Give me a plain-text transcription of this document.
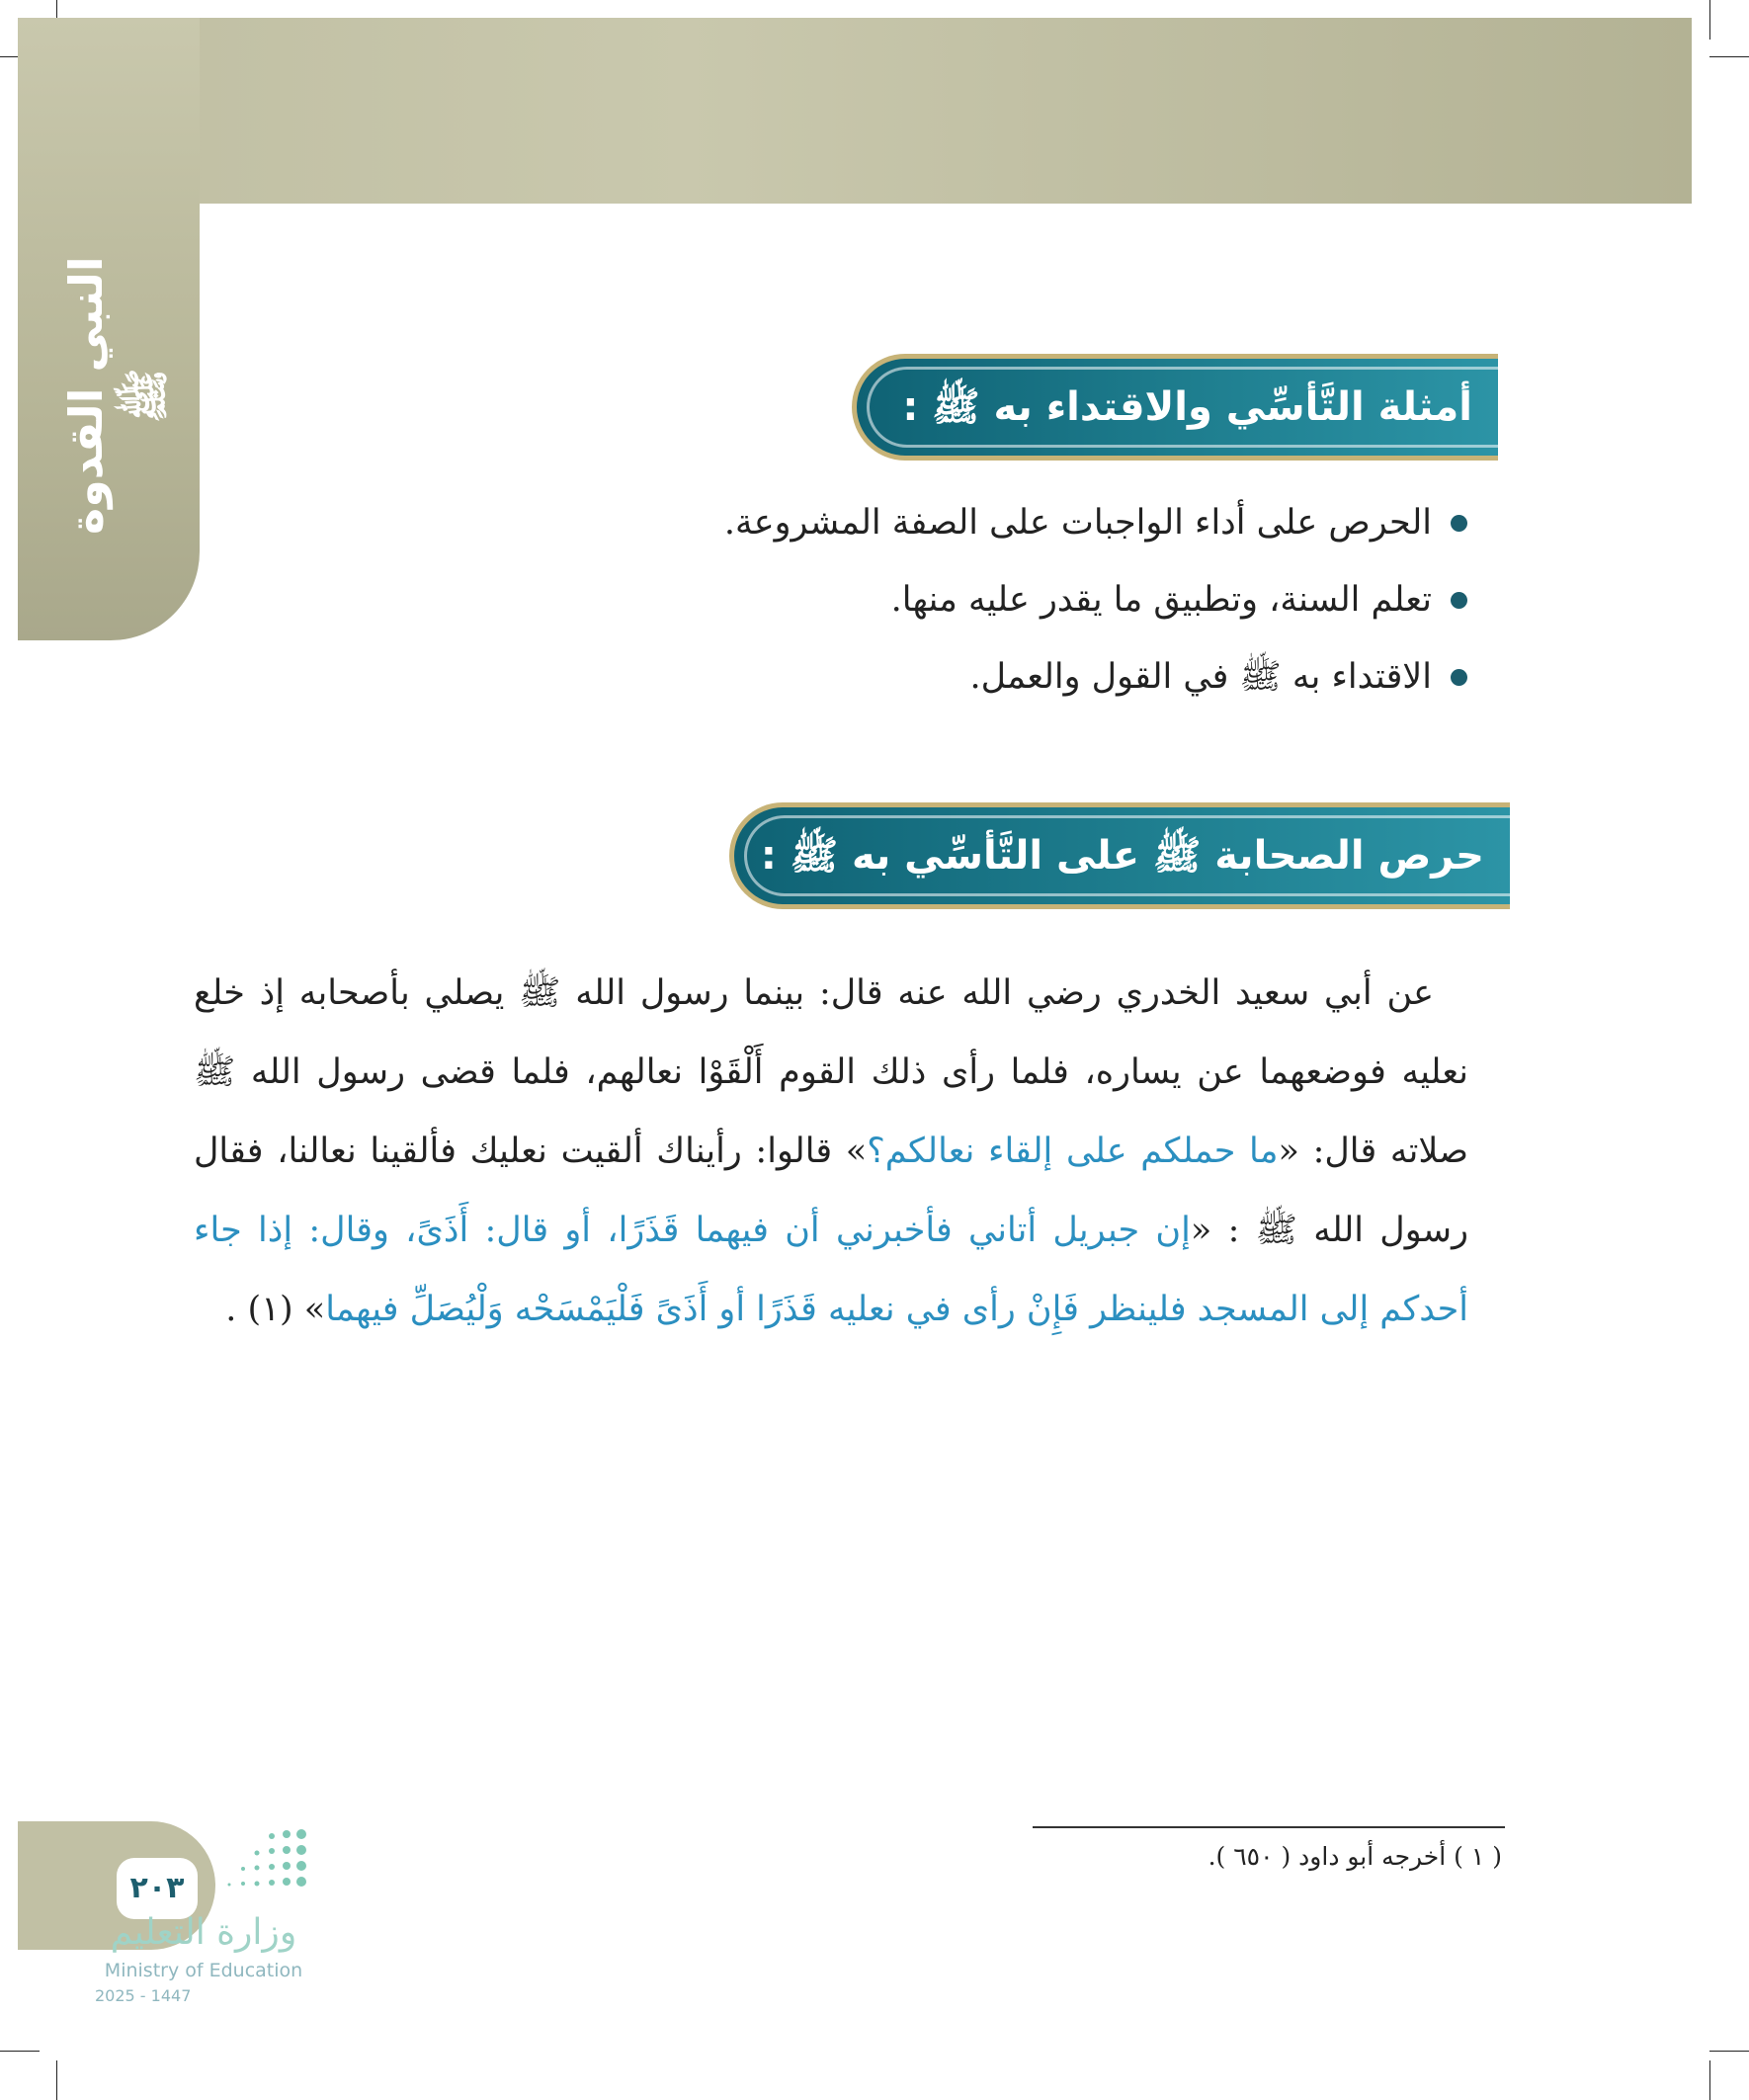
النبي القدوة ﷺ	أمثلة التَّأسِّي والاقتداء به ﷺ :
الحرص على أداء الواجبات على الصفة المشروعة.
تعلم السنة، وتطبيق ما يقدر عليه منها.
الاقتداء به ﷺ في القول والعمل.
حرص الصحابة ﷺ على التَّأسِّي به ﷺ :
 عن أبي سعيد الخدري رضي الله عنه قال: بينما رسول الله ﷺ يصلي بأصحابه إذ خلع نعليه فوضعهما عن يساره، فلما رأى ذلك القوم أَلْقَوْا نعالهم، فلما قضى رسول الله ﷺ صلاته قال: «ما حملكم على إلقاء نعالكم؟» قالوا: رأيناك ألقيت نعليك فألقينا نعالنا، فقال رسول الله ﷺ : «إن جبريل أتاني فأخبرني أن فيهما قَذَرًا، أو قال: أَذَىً، وقال: إذا جاء أحدكم إلى المسجد فلينظر فَإِنْ رأى في نعليه قَذَرًا أو أَذَىً فَلْيَمْسَحْه وَلْيُصَلِّ فيهما» (١) .
( ١ ) أخرجه أبو داود ( ٦٥٠ ).
٢٠٣
وزارة التعليم
Ministry of Education
2025 - 1447
